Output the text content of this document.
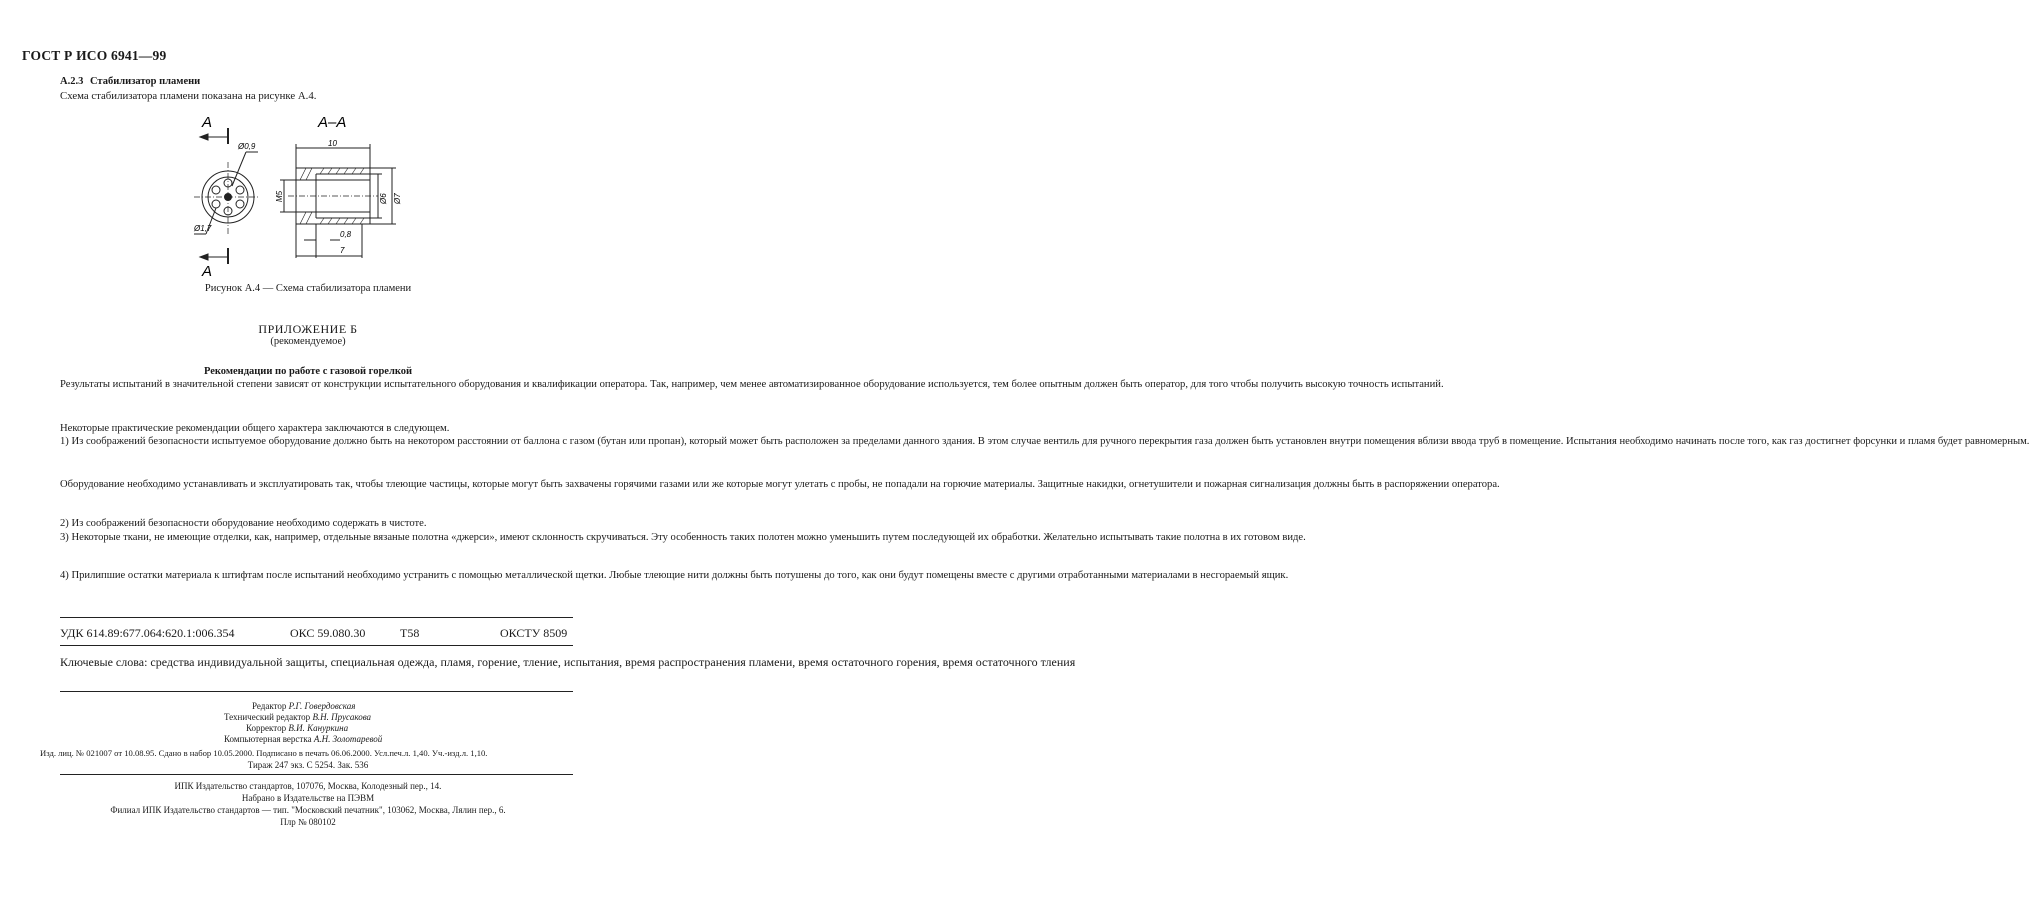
ГОСТ Р ИСО 6941—99
А.2.3 Стабилизатор пламени
Схема стабилизатора пламени показана на рисунке А.4.
А
А
А–А
Ø0,9
Ø1,7
10
М5	Ø6 Ø7
0,8
7
Рисунок А.4 — Схема стабилизатора пламени
ПРИЛОЖЕНИЕ Б
(рекомендуемое)
Рекомендации по работе с газовой горелкой
Результаты испытаний в значительной степени зависят от конструкции испытательного оборудования и квалификации оператора. Так, например, чем менее автоматизированное оборудование используется, тем более опытным должен быть оператор, для того чтобы получить высокую точность испытаний.
Некоторые практические рекомендации общего характера заключаются в следующем.
1) Из соображений безопасности испытуемое оборудование должно быть на некотором расстоянии от баллона с газом (бутан или пропан), который может быть расположен за пределами данного здания. В этом случае вентиль для ручного перекрытия газа должен быть установлен внутри помещения вблизи ввода труб в помещение. Испытания необходимо начинать после того, как газ достигнет форсунки и пламя будет равномерным.
Оборудование необходимо устанавливать и эксплуатировать так, чтобы тлеющие частицы, которые могут быть захвачены горячими газами или же которые могут улетать с пробы, не попадали на горючие материалы. Защитные накидки, огнетушители и пожарная сигнализация должны быть в распоряжении оператора.
2) Из соображений безопасности оборудование необходимо содержать в чистоте.
3) Некоторые ткани, не имеющие отделки, как, например, отдельные вязаные полотна «джерси», имеют склонность скручиваться. Эту особенность таких полотен можно уменьшить путем последующей их обработки. Желательно испытывать такие полотна в их готовом виде.
4) Прилипшие остатки материала к штифтам после испытаний необходимо устранить с помощью металлической щетки. Любые тлеющие нити должны быть потушены до того, как они будут помещены вместе с другими отработанными материалами в несгораемый ящик.
УДК 614.89:677.064:620.1:006.354	ОКС 59.080.30	Т58	ОКСТУ 8509
Ключевые слова: средства индивидуальной защиты, специальная одежда, пламя, горение, тление, испытания, время распространения пламени, время остаточного горения, время остаточного тления
Редактор Р.Г. Говердовская
Технический редактор В.Н. Прусакова
Корректор В.И. Кануркина
Компьютерная верстка А.Н. Золотаревой
Изд. лиц. № 021007 от 10.08.95. Сдано в набор 10.05.2000. Подписано в печать 06.06.2000. Усл.печ.л. 1,40. Уч.-изд.л. 1,10.
Тираж 247 экз. С 5254. Зак. 536
ИПК Издательство стандартов, 107076, Москва, Колодезный пер., 14.
Набрано в Издательстве на ПЭВМ
Филиал ИПК Издательство стандартов — тип. "Московский печатник", 103062, Москва, Лялин пер., 6.
Плр № 080102
